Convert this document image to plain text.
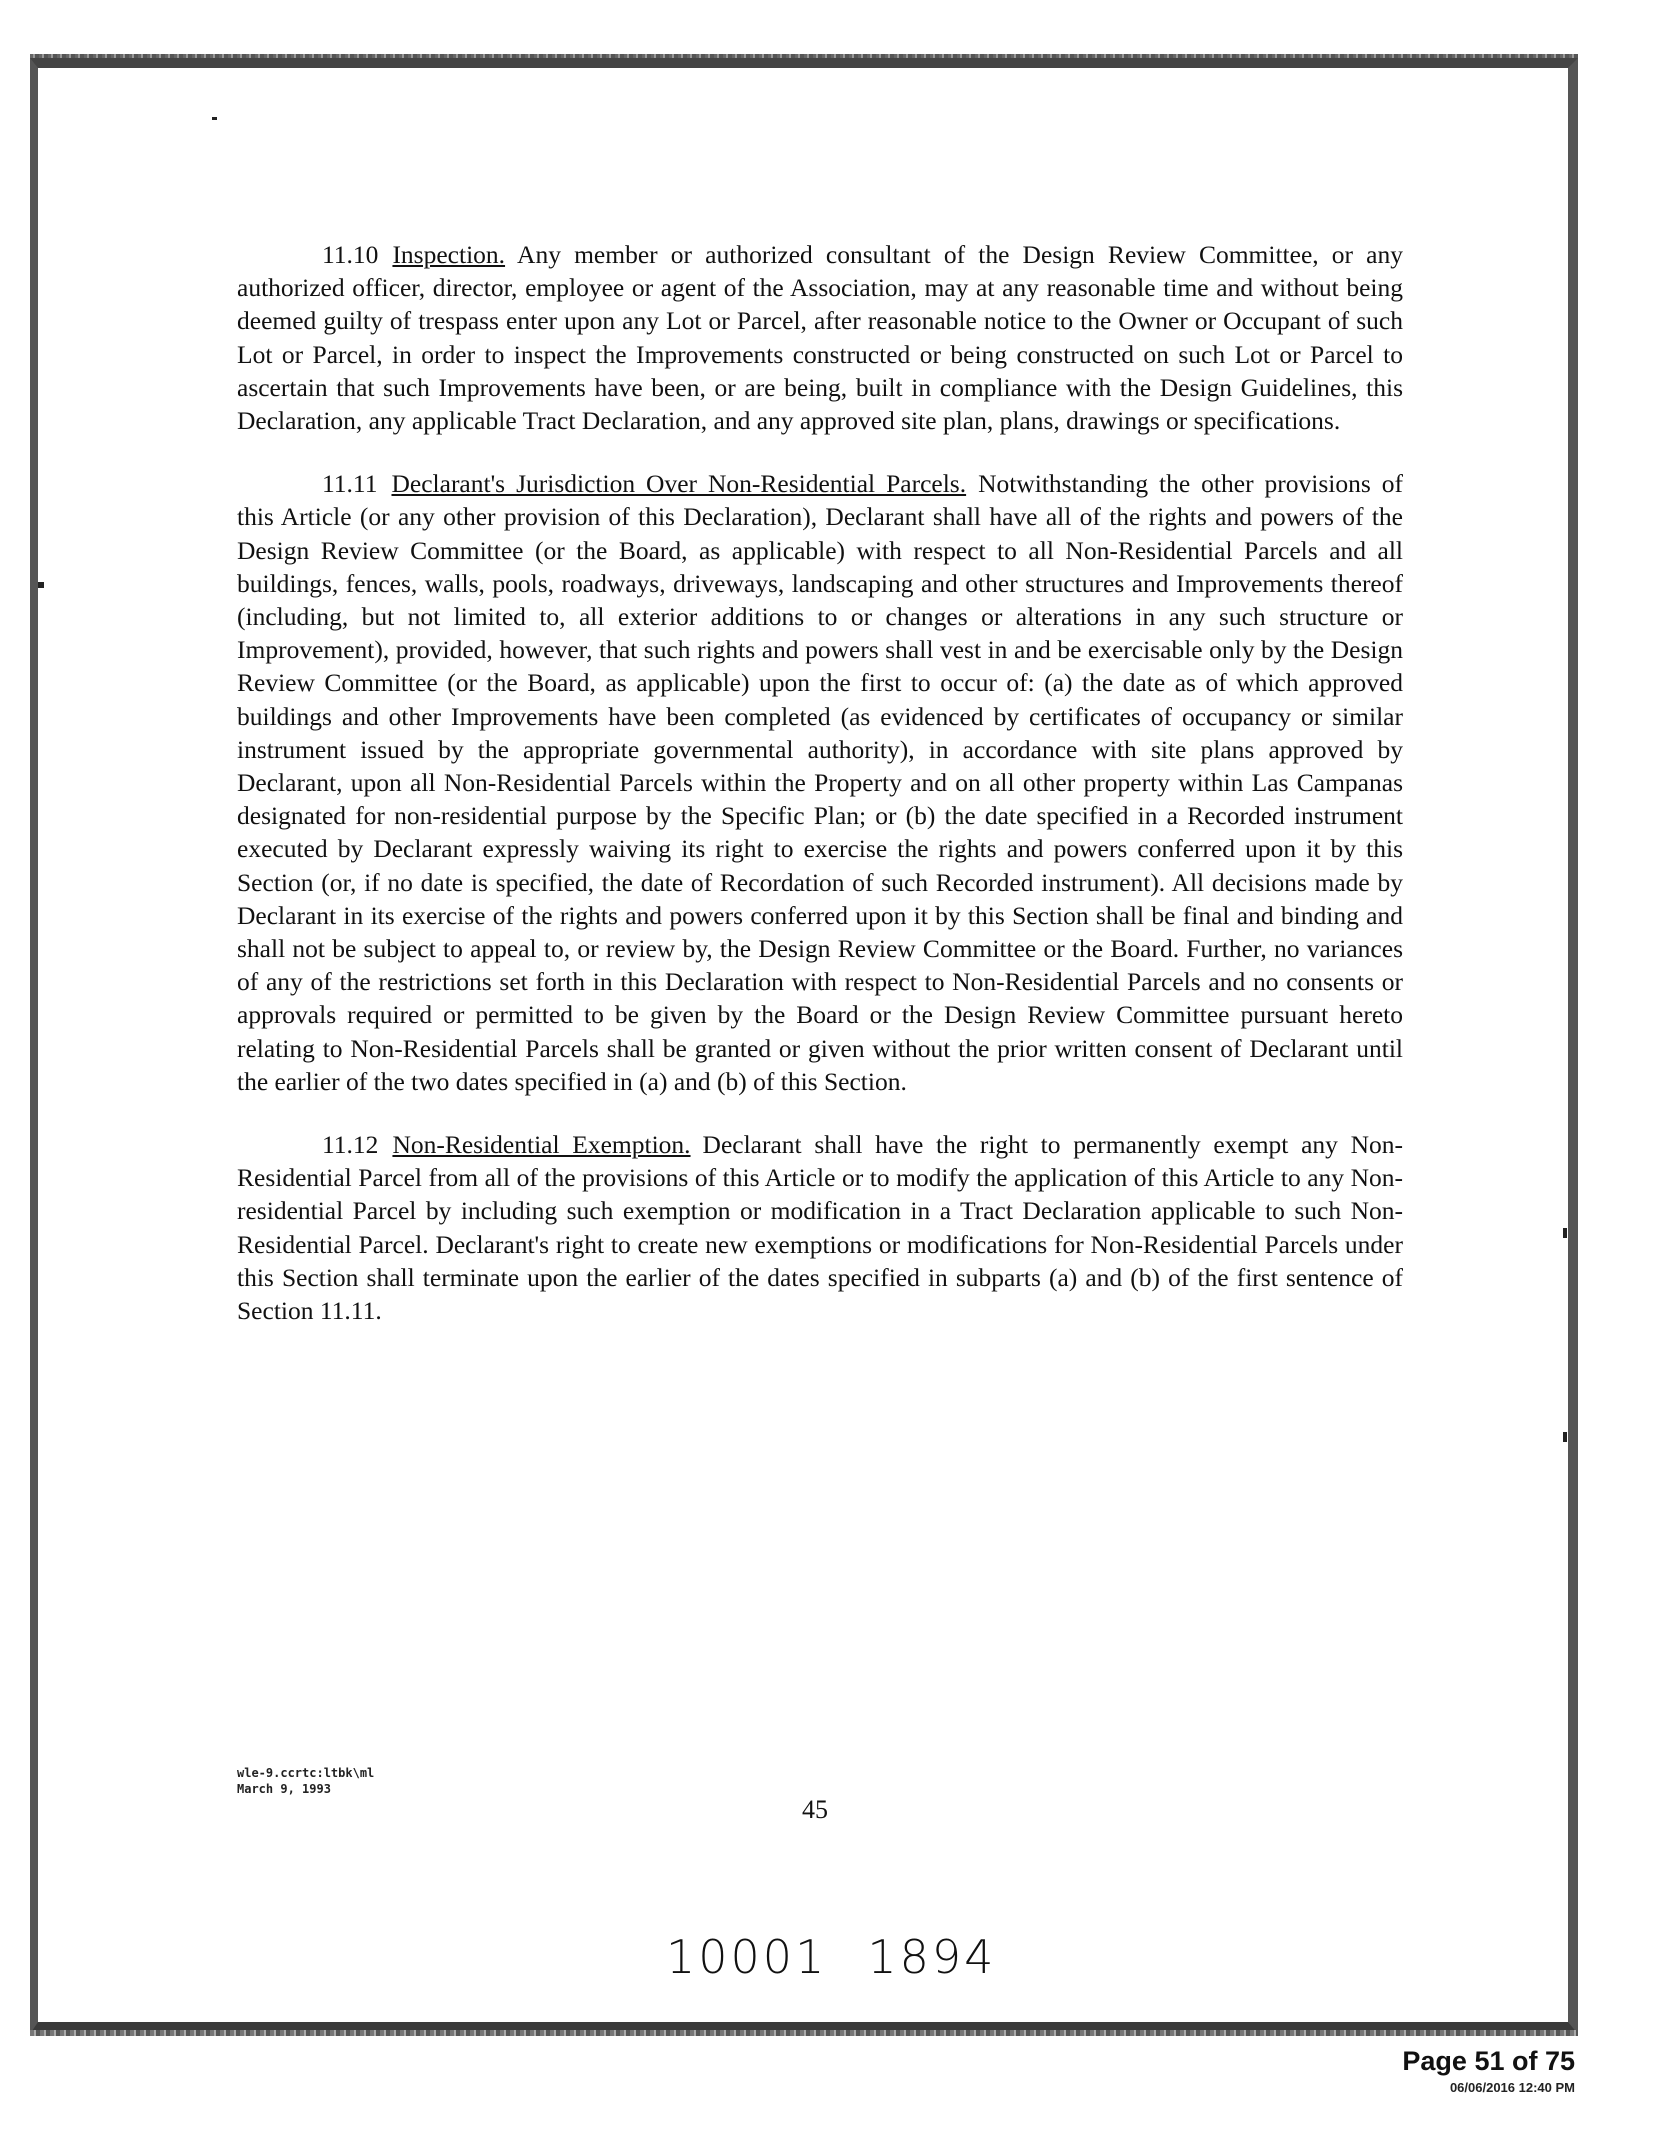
11.10 Inspection. Any member or authorized consultant of the Design Review Committee, or any authorized officer, director, employee or agent of the Association, may at any reasonable time and without being deemed guilty of trespass enter upon any Lot or Parcel, after reasonable notice to the Owner or Occupant of such Lot or Parcel, in order to inspect the Improvements constructed or being constructed on such Lot or Parcel to ascertain that such Improvements have been, or are being, built in compliance with the Design Guidelines, this Declaration, any applicable Tract Declaration, and any approved site plan, plans, drawings or specifications.

11.11 Declarant's Jurisdiction Over Non-Residential Parcels. Notwithstanding the other provisions of this Article (or any other provision of this Declaration), Declarant shall have all of the rights and powers of the Design Review Committee (or the Board, as applicable) with respect to all Non-Residential Parcels and all buildings, fences, walls, pools, roadways, driveways, landscaping and other structures and Improvements thereof (including, but not limited to, all exterior additions to or changes or alterations in any such structure or Improvement), provided, however, that such rights and powers shall vest in and be exercisable only by the Design Review Committee (or the Board, as applicable) upon the first to occur of: (a) the date as of which approved buildings and other Improvements have been completed (as evidenced by certificates of occupancy or similar instrument issued by the appropriate governmental authority), in accordance with site plans approved by Declarant, upon all Non-Residential Parcels within the Property and on all other property within Las Campanas designated for non-residential purpose by the Specific Plan; or (b) the date specified in a Recorded instrument executed by Declarant expressly waiving its right to exercise the rights and powers conferred upon it by this Section (or, if no date is specified, the date of Recordation of such Recorded instrument). All decisions made by Declarant in its exercise of the rights and powers conferred upon it by this Section shall be final and binding and shall not be subject to appeal to, or review by, the Design Review Committee or the Board. Further, no variances of any of the restrictions set forth in this Declaration with respect to Non-Residential Parcels and no consents or approvals required or permitted to be given by the Board or the Design Review Committee pursuant hereto relating to Non-Residential Parcels shall be granted or given without the prior written consent of Declarant until the earlier of the two dates specified in (a) and (b) of this Section.

11.12 Non-Residential Exemption. Declarant shall have the right to permanently exempt any Non-Residential Parcel from all of the provisions of this Article or to modify the application of this Article to any Non-residential Parcel by including such exemption or modification in a Tract Declaration applicable to such Non-Residential Parcel. Declarant's right to create new exemptions or modifications for Non-Residential Parcels under this Section shall terminate upon the earlier of the dates specified in subparts (a) and (b) of the first sentence of Section 11.11.

wle-9.ccrtc:ltbk\ml
March 9, 1993
45
10001 1894
Page 51 of 75
06/06/2016 12:40 PM
